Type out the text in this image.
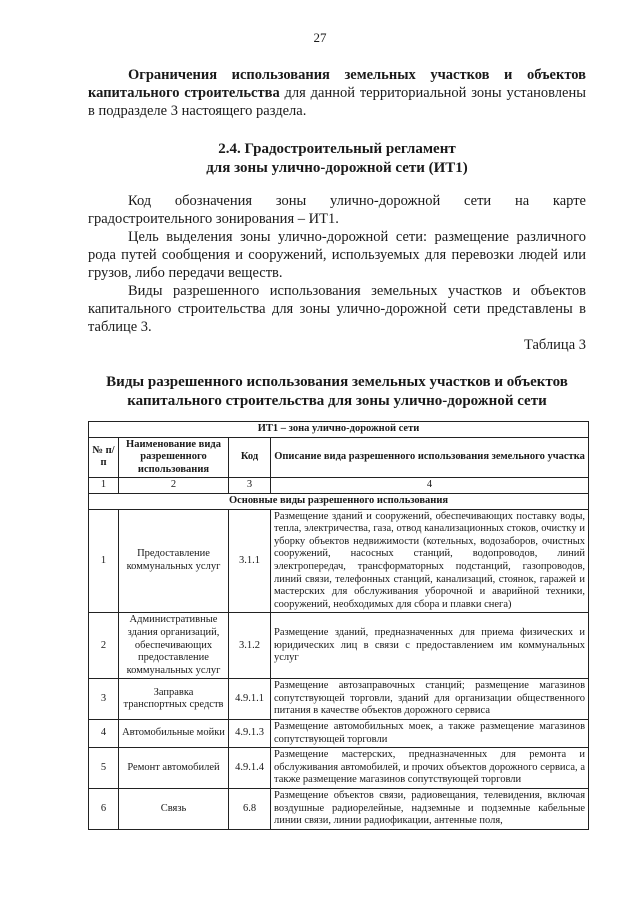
27

Ограничения использования земельных участков и объектов капитального строительства для данной территориальной зоны установлены в подразделе 3 настоящего раздела.

2.4. Градостроительный регламент
для зоны улично-дорожной сети (ИТ1)

Код обозначения зоны улично-дорожной сети на карте градостроительного зонирования – ИТ1.

Цель выделения зоны улично-дорожной сети: размещение различного рода путей сообщения и сооружений, используемых для перевозки людей или грузов, либо передачи веществ.

Виды разрешенного использования земельных участков и объектов капитального строительства для зоны улично-дорожной сети представлены в таблице 3.

Таблица 3

Виды разрешенного использования земельных участков и объектов
капитального строительства для зоны улично-дорожной сети

ИТ1 – зона улично-дорожной сети			
№ п/п	Наименование вида разрешенного использования	Код	Описание вида разрешенного использования земельного участка
1	2	3	4
Основные виды разрешенного использования			
1	Предоставление коммунальных услуг	3.1.1	Размещение зданий и сооружений, обеспечивающих поставку воды, тепла, электричества, газа, отвод канализационных стоков, очистку и уборку объектов недвижимости (котельных, водозаборов, очистных сооружений, насосных станций, водопроводов, линий электропередач, трансформаторных подстанций, газопроводов, линий связи, телефонных станций, канализаций, стоянок, гаражей и мастерских для обслуживания уборочной и аварийной техники, сооружений, необходимых для сбора и плавки снега)
2	Административные здания организаций, обеспечивающих предоставление коммунальных услуг	3.1.2	Размещение зданий, предназначенных для приема физических и юридических лиц в связи с предоставлением им коммунальных услуг
3	Заправка транспортных средств	4.9.1.1	Размещение автозаправочных станций; размещение магазинов сопутствующей торговли, зданий для организации общественного питания в качестве объектов дорожного сервиса
4	Автомобильные мойки	4.9.1.3	Размещение автомобильных моек, а также размещение магазинов сопутствующей торговли
5	Ремонт автомобилей	4.9.1.4	Размещение мастерских, предназначенных для ремонта и обслуживания автомобилей, и прочих объектов дорожного сервиса, а также размещение магазинов сопутствующей торговли
6	Связь	6.8	Размещение объектов связи, радиовещания, телевидения, включая воздушные радиорелейные, надземные и подземные кабельные линии связи, линии радиофикации, антенные поля,
